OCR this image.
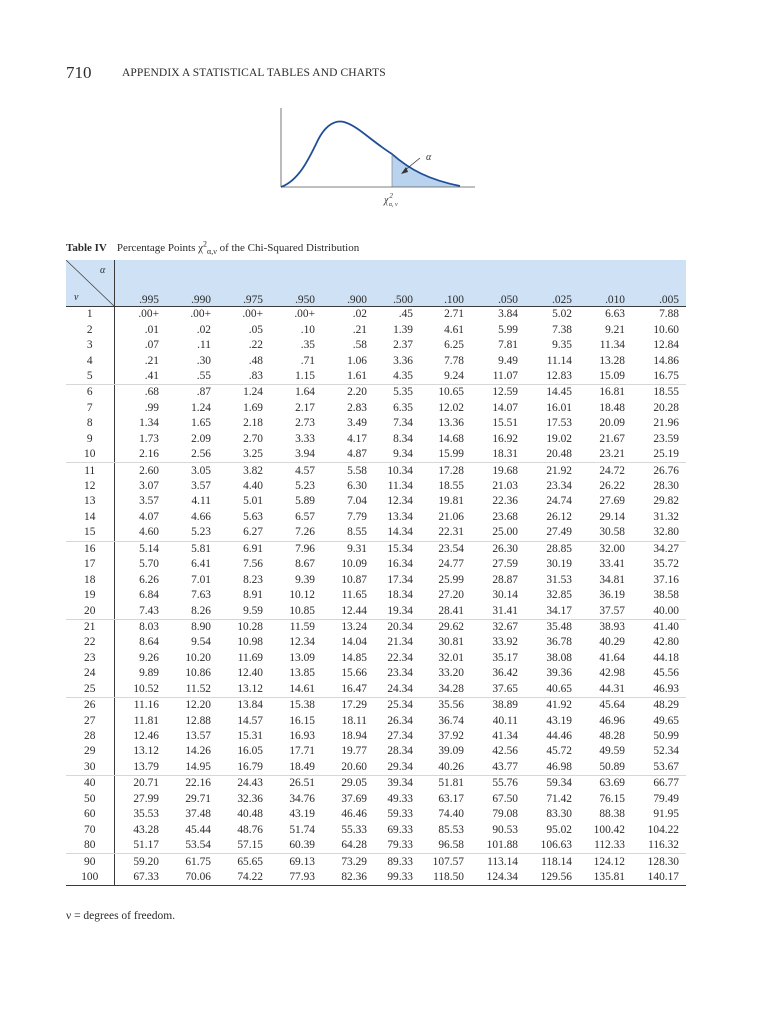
710	APPENDIX A STATISTICAL TABLES AND CHARTS
α
$\chi^2$ α, ν
Table IV Percentage Points $\chi^2_{\alpha,\nu}$ of the Chi-Squared Distribution
α
ν	.995	.990	.975	.950	.900	.500	.100	.050	.025	.010	.005
1	.00+	.00+	.00+	.00+	.02	.45	2.71	3.84	5.02	6.63	7.88
2	.01	.02	.05	.10	.21	1.39	4.61	5.99	7.38	9.21	10.60
3	.07	.11	.22	.35	.58	2.37	6.25	7.81	9.35	11.34	12.84
4	.21	.30	.48	.71	1.06	3.36	7.78	9.49	11.14	13.28	14.86
5	.41	.55	.83	1.15	1.61	4.35	9.24	11.07	12.83	15.09	16.75
6	.68	.87	1.24	1.64	2.20	5.35	10.65	12.59	14.45	16.81	18.55
7	.99	1.24	1.69	2.17	2.83	6.35	12.02	14.07	16.01	18.48	20.28
8	1.34	1.65	2.18	2.73	3.49	7.34	13.36	15.51	17.53	20.09	21.96
9	1.73	2.09	2.70	3.33	4.17	8.34	14.68	16.92	19.02	21.67	23.59
10	2.16	2.56	3.25	3.94	4.87	9.34	15.99	18.31	20.48	23.21	25.19
11	2.60	3.05	3.82	4.57	5.58	10.34	17.28	19.68	21.92	24.72	26.76
12	3.07	3.57	4.40	5.23	6.30	11.34	18.55	21.03	23.34	26.22	28.30
13	3.57	4.11	5.01	5.89	7.04	12.34	19.81	22.36	24.74	27.69	29.82
14	4.07	4.66	5.63	6.57	7.79	13.34	21.06	23.68	26.12	29.14	31.32
15	4.60	5.23	6.27	7.26	8.55	14.34	22.31	25.00	27.49	30.58	32.80
16	5.14	5.81	6.91	7.96	9.31	15.34	23.54	26.30	28.85	32.00	34.27
17	5.70	6.41	7.56	8.67	10.09	16.34	24.77	27.59	30.19	33.41	35.72
18	6.26	7.01	8.23	9.39	10.87	17.34	25.99	28.87	31.53	34.81	37.16
19	6.84	7.63	8.91	10.12	11.65	18.34	27.20	30.14	32.85	36.19	38.58
20	7.43	8.26	9.59	10.85	12.44	19.34	28.41	31.41	34.17	37.57	40.00
21	8.03	8.90	10.28	11.59	13.24	20.34	29.62	32.67	35.48	38.93	41.40
22	8.64	9.54	10.98	12.34	14.04	21.34	30.81	33.92	36.78	40.29	42.80
23	9.26	10.20	11.69	13.09	14.85	22.34	32.01	35.17	38.08	41.64	44.18
24	9.89	10.86	12.40	13.85	15.66	23.34	33.20	36.42	39.36	42.98	45.56
25	10.52	11.52	13.12	14.61	16.47	24.34	34.28	37.65	40.65	44.31	46.93
26	11.16	12.20	13.84	15.38	17.29	25.34	35.56	38.89	41.92	45.64	48.29
27	11.81	12.88	14.57	16.15	18.11	26.34	36.74	40.11	43.19	46.96	49.65
28	12.46	13.57	15.31	16.93	18.94	27.34	37.92	41.34	44.46	48.28	50.99
29	13.12	14.26	16.05	17.71	19.77	28.34	39.09	42.56	45.72	49.59	52.34
30	13.79	14.95	16.79	18.49	20.60	29.34	40.26	43.77	46.98	50.89	53.67
40	20.71	22.16	24.43	26.51	29.05	39.34	51.81	55.76	59.34	63.69	66.77
50	27.99	29.71	32.36	34.76	37.69	49.33	63.17	67.50	71.42	76.15	79.49
60	35.53	37.48	40.48	43.19	46.46	59.33	74.40	79.08	83.30	88.38	91.95
70	43.28	45.44	48.76	51.74	55.33	69.33	85.53	90.53	95.02	100.42	104.22
80	51.17	53.54	57.15	60.39	64.28	79.33	96.58	101.88	106.63	112.33	116.32
90	59.20	61.75	65.65	69.13	73.29	89.33	107.57	113.14	118.14	124.12	128.30
100	67.33	70.06	74.22	77.93	82.36	99.33	118.50	124.34	129.56	135.81	140.17
ν = degrees of freedom.
